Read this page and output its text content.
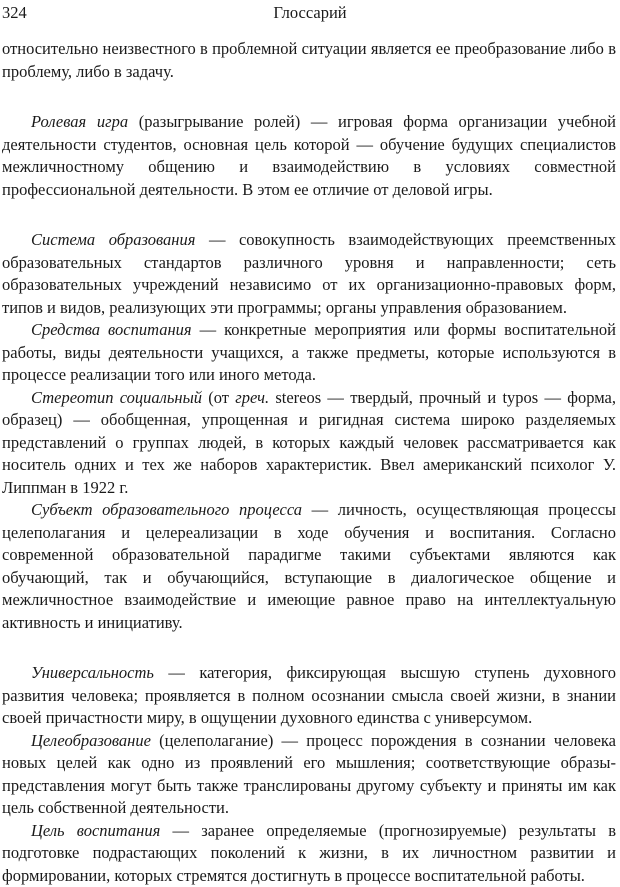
324	Глоссарий

относительно неизвестного в проблемной ситуации является ее преобразование либо в проблему, либо в задачу.

Ролевая игра (разыгрывание ролей) — игровая форма организации учебной деятельности студентов, основная цель которой — обучение будущих специалистов межличностному общению и взаимодействию в условиях совместной профессиональной деятельности. В этом ее отличие от деловой игры.

Система образования — совокупность взаимодействующих преемственных образовательных стандартов различного уровня и направленности; сеть образовательных учреждений независимо от их организационно-правовых форм, типов и видов, реализующих эти программы; органы управления образованием.

Средства воспитания — конкретные мероприятия или формы воспитательной работы, виды деятельности учащихся, а также предметы, которые используются в процессе реализации того или иного метода.

Стереотип социальный (от греч. stereos — твердый, прочный и typos — форма, образец) — обобщенная, упрощенная и ригидная система широко разделяемых представлений о группах людей, в которых каждый человек рассматривается как носитель одних и тех же наборов характеристик. Ввел американский психолог У. Липпман в 1922 г.

Субъект образовательного процесса — личность, осуществляющая процессы целеполагания и целереализации в ходе обучения и воспитания. Согласно современной образовательной парадигме такими субъектами являются как обучающий, так и обучающийся, вступающие в диалогическое общение и межличностное взаимодействие и имеющие равное право на интеллектуальную активность и инициативу.

Универсальность — категория, фиксирующая высшую ступень духовного развития человека; проявляется в полном осознании смысла своей жизни, в знании своей причастности миру, в ощущении духовного единства с универсумом.

Целеобразование (целеполагание) — процесс порождения в сознании человека новых целей как одно из проявлений его мышления; соответствующие образы-представления могут быть также транслированы другому субъекту и приняты им как цель собственной деятельности.

Цель воспитания — заранее определяемые (прогнозируемые) результаты в подготовке подрастающих поколений к жизни, в их личностном развитии и формировании, которых стремятся достигнуть в процессе воспитательной работы.
